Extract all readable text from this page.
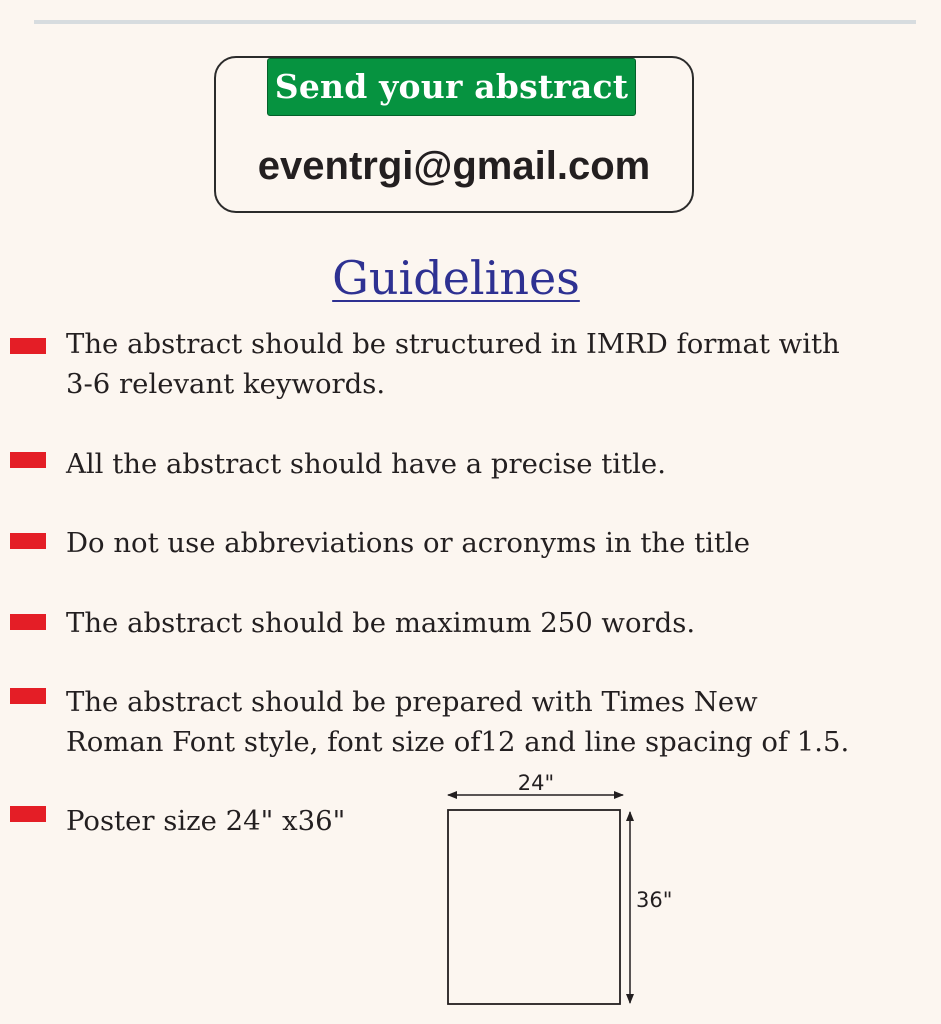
Send your abstract
eventrgi@gmail.com
Guidelines
The abstract should be structured in IMRD format with
3-6 relevant keywords.
All the abstract should have a precise title.
Do not use abbreviations or acronyms in the title
The abstract should be maximum 250 words.
The abstract should be prepared with Times New
Roman Font style, font size of12 and line spacing of 1.5.
Poster size 24" x36"
24"
36"
